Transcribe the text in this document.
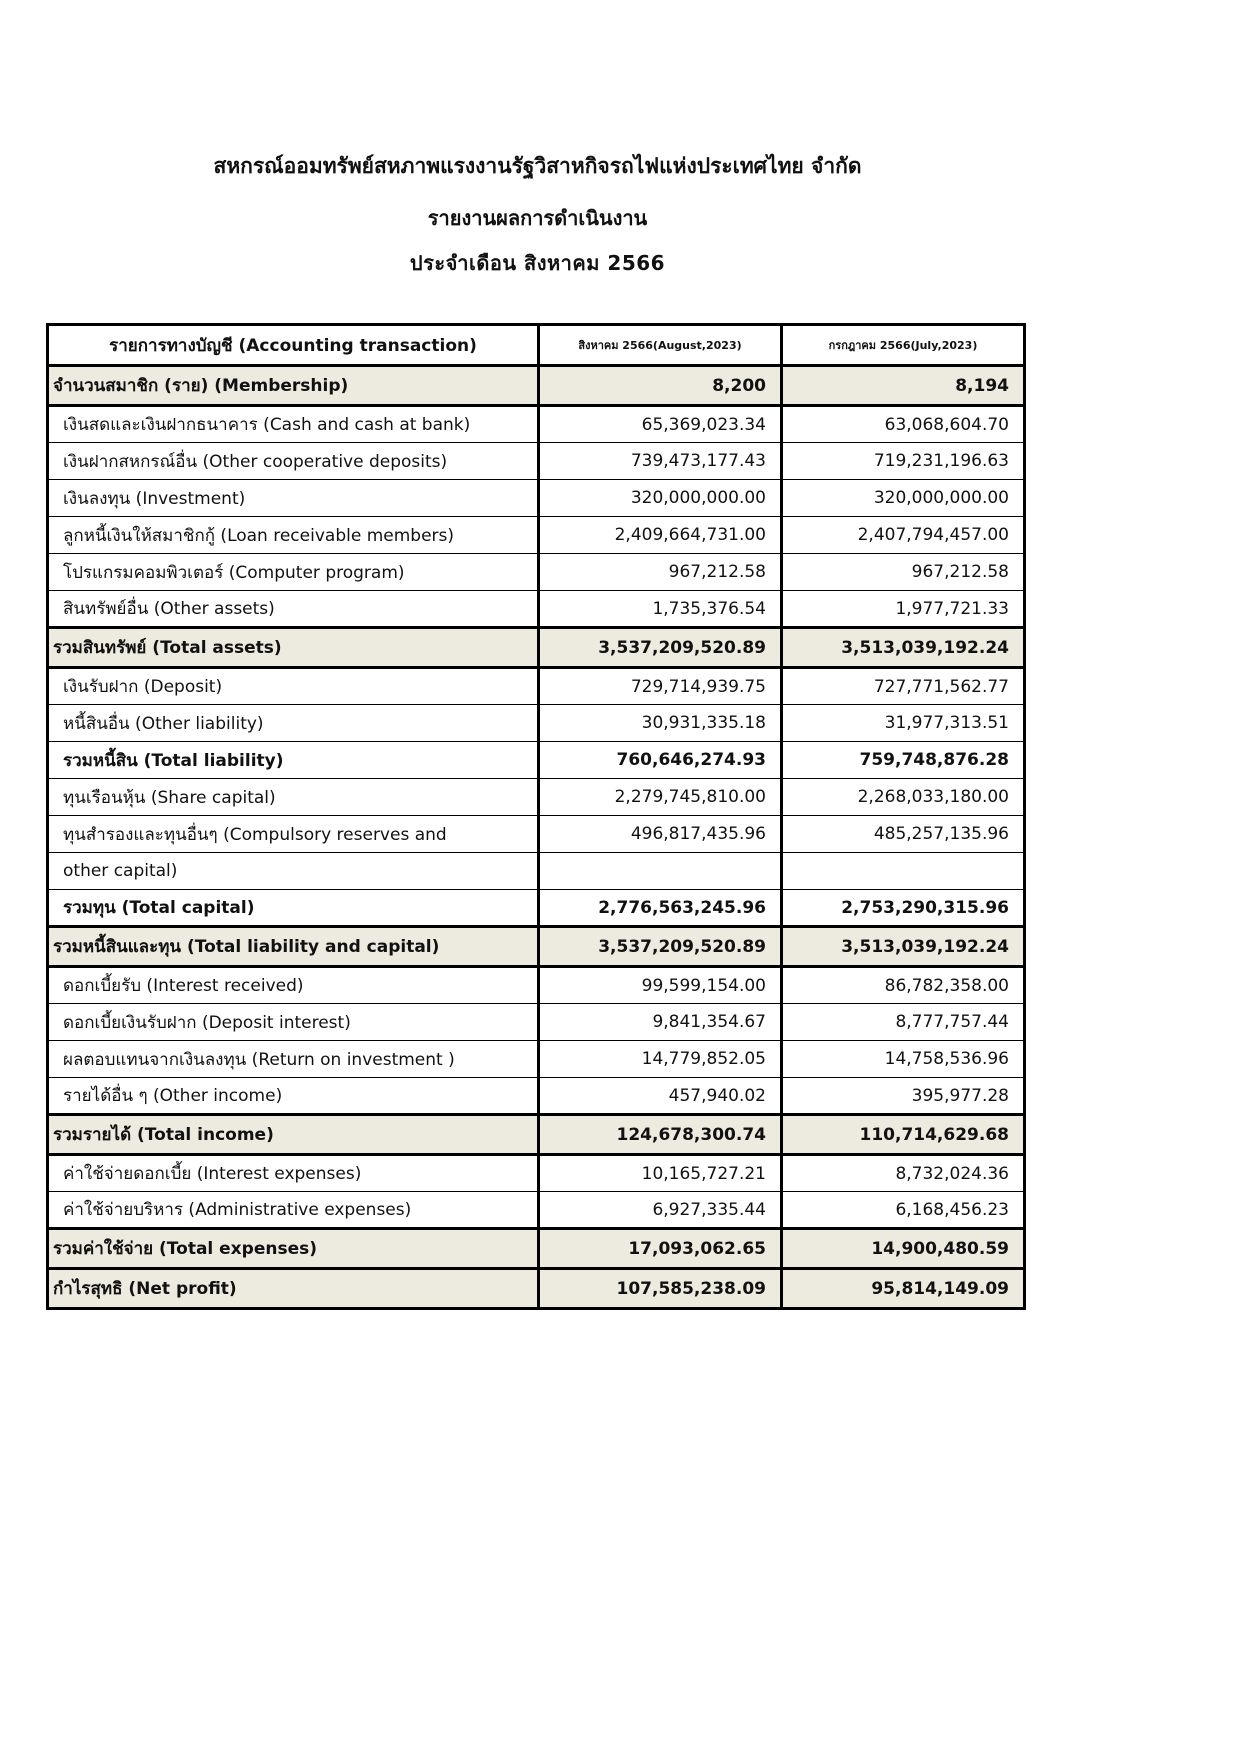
สหกรณ์ออมทรัพย์สหภาพแรงงานรัฐวิสาหกิจรถไฟแห่งประเทศไทย จำกัด
รายงานผลการดำเนินงาน
ประจำเดือน สิงหาคม 2566
รายการทางบัญชี (Accounting transaction)	สิงหาคม 2566(August,2023)	กรกฎาคม 2566(July,2023)
จำนวนสมาชิก (ราย) (Membership)	8,200	8,194
เงินสดและเงินฝากธนาคาร (Cash and cash at bank)	65,369,023.34	63,068,604.70
เงินฝากสหกรณ์อื่น (Other cooperative deposits)	739,473,177.43	719,231,196.63
เงินลงทุน (Investment)	320,000,000.00	320,000,000.00
ลูกหนี้เงินให้สมาชิกกู้ (Loan receivable members)	2,409,664,731.00	2,407,794,457.00
โปรแกรมคอมพิวเตอร์ (Computer program)	967,212.58	967,212.58
สินทรัพย์อื่น (Other assets)	1,735,376.54	1,977,721.33
รวมสินทรัพย์ (Total assets)	3,537,209,520.89	3,513,039,192.24
เงินรับฝาก (Deposit)	729,714,939.75	727,771,562.77
หนี้สินอื่น (Other liability)	30,931,335.18	31,977,313.51
รวมหนี้สิน (Total liability)	760,646,274.93	759,748,876.28
ทุนเรือนหุ้น (Share capital)	2,279,745,810.00	2,268,033,180.00
ทุนสำรองและทุนอื่นๆ (Compulsory reserves and	496,817,435.96	485,257,135.96
other capital)		
รวมทุน (Total capital)	2,776,563,245.96	2,753,290,315.96
รวมหนี้สินและทุน (Total liability and capital)	3,537,209,520.89	3,513,039,192.24
ดอกเบี้ยรับ (Interest received)	99,599,154.00	86,782,358.00
ดอกเบี้ยเงินรับฝาก (Deposit interest)	9,841,354.67	8,777,757.44
ผลตอบแทนจากเงินลงทุน (Return on investment )	14,779,852.05	14,758,536.96
รายได้อื่น ๆ (Other income)	457,940.02	395,977.28
รวมรายได้ (Total income)	124,678,300.74	110,714,629.68
ค่าใช้จ่ายดอกเบี้ย (Interest expenses)	10,165,727.21	8,732,024.36
ค่าใช้จ่ายบริหาร (Administrative expenses)	6,927,335.44	6,168,456.23
รวมค่าใช้จ่าย (Total expenses)	17,093,062.65	14,900,480.59
กำไรสุทธิ (Net profit)	107,585,238.09	95,814,149.09
